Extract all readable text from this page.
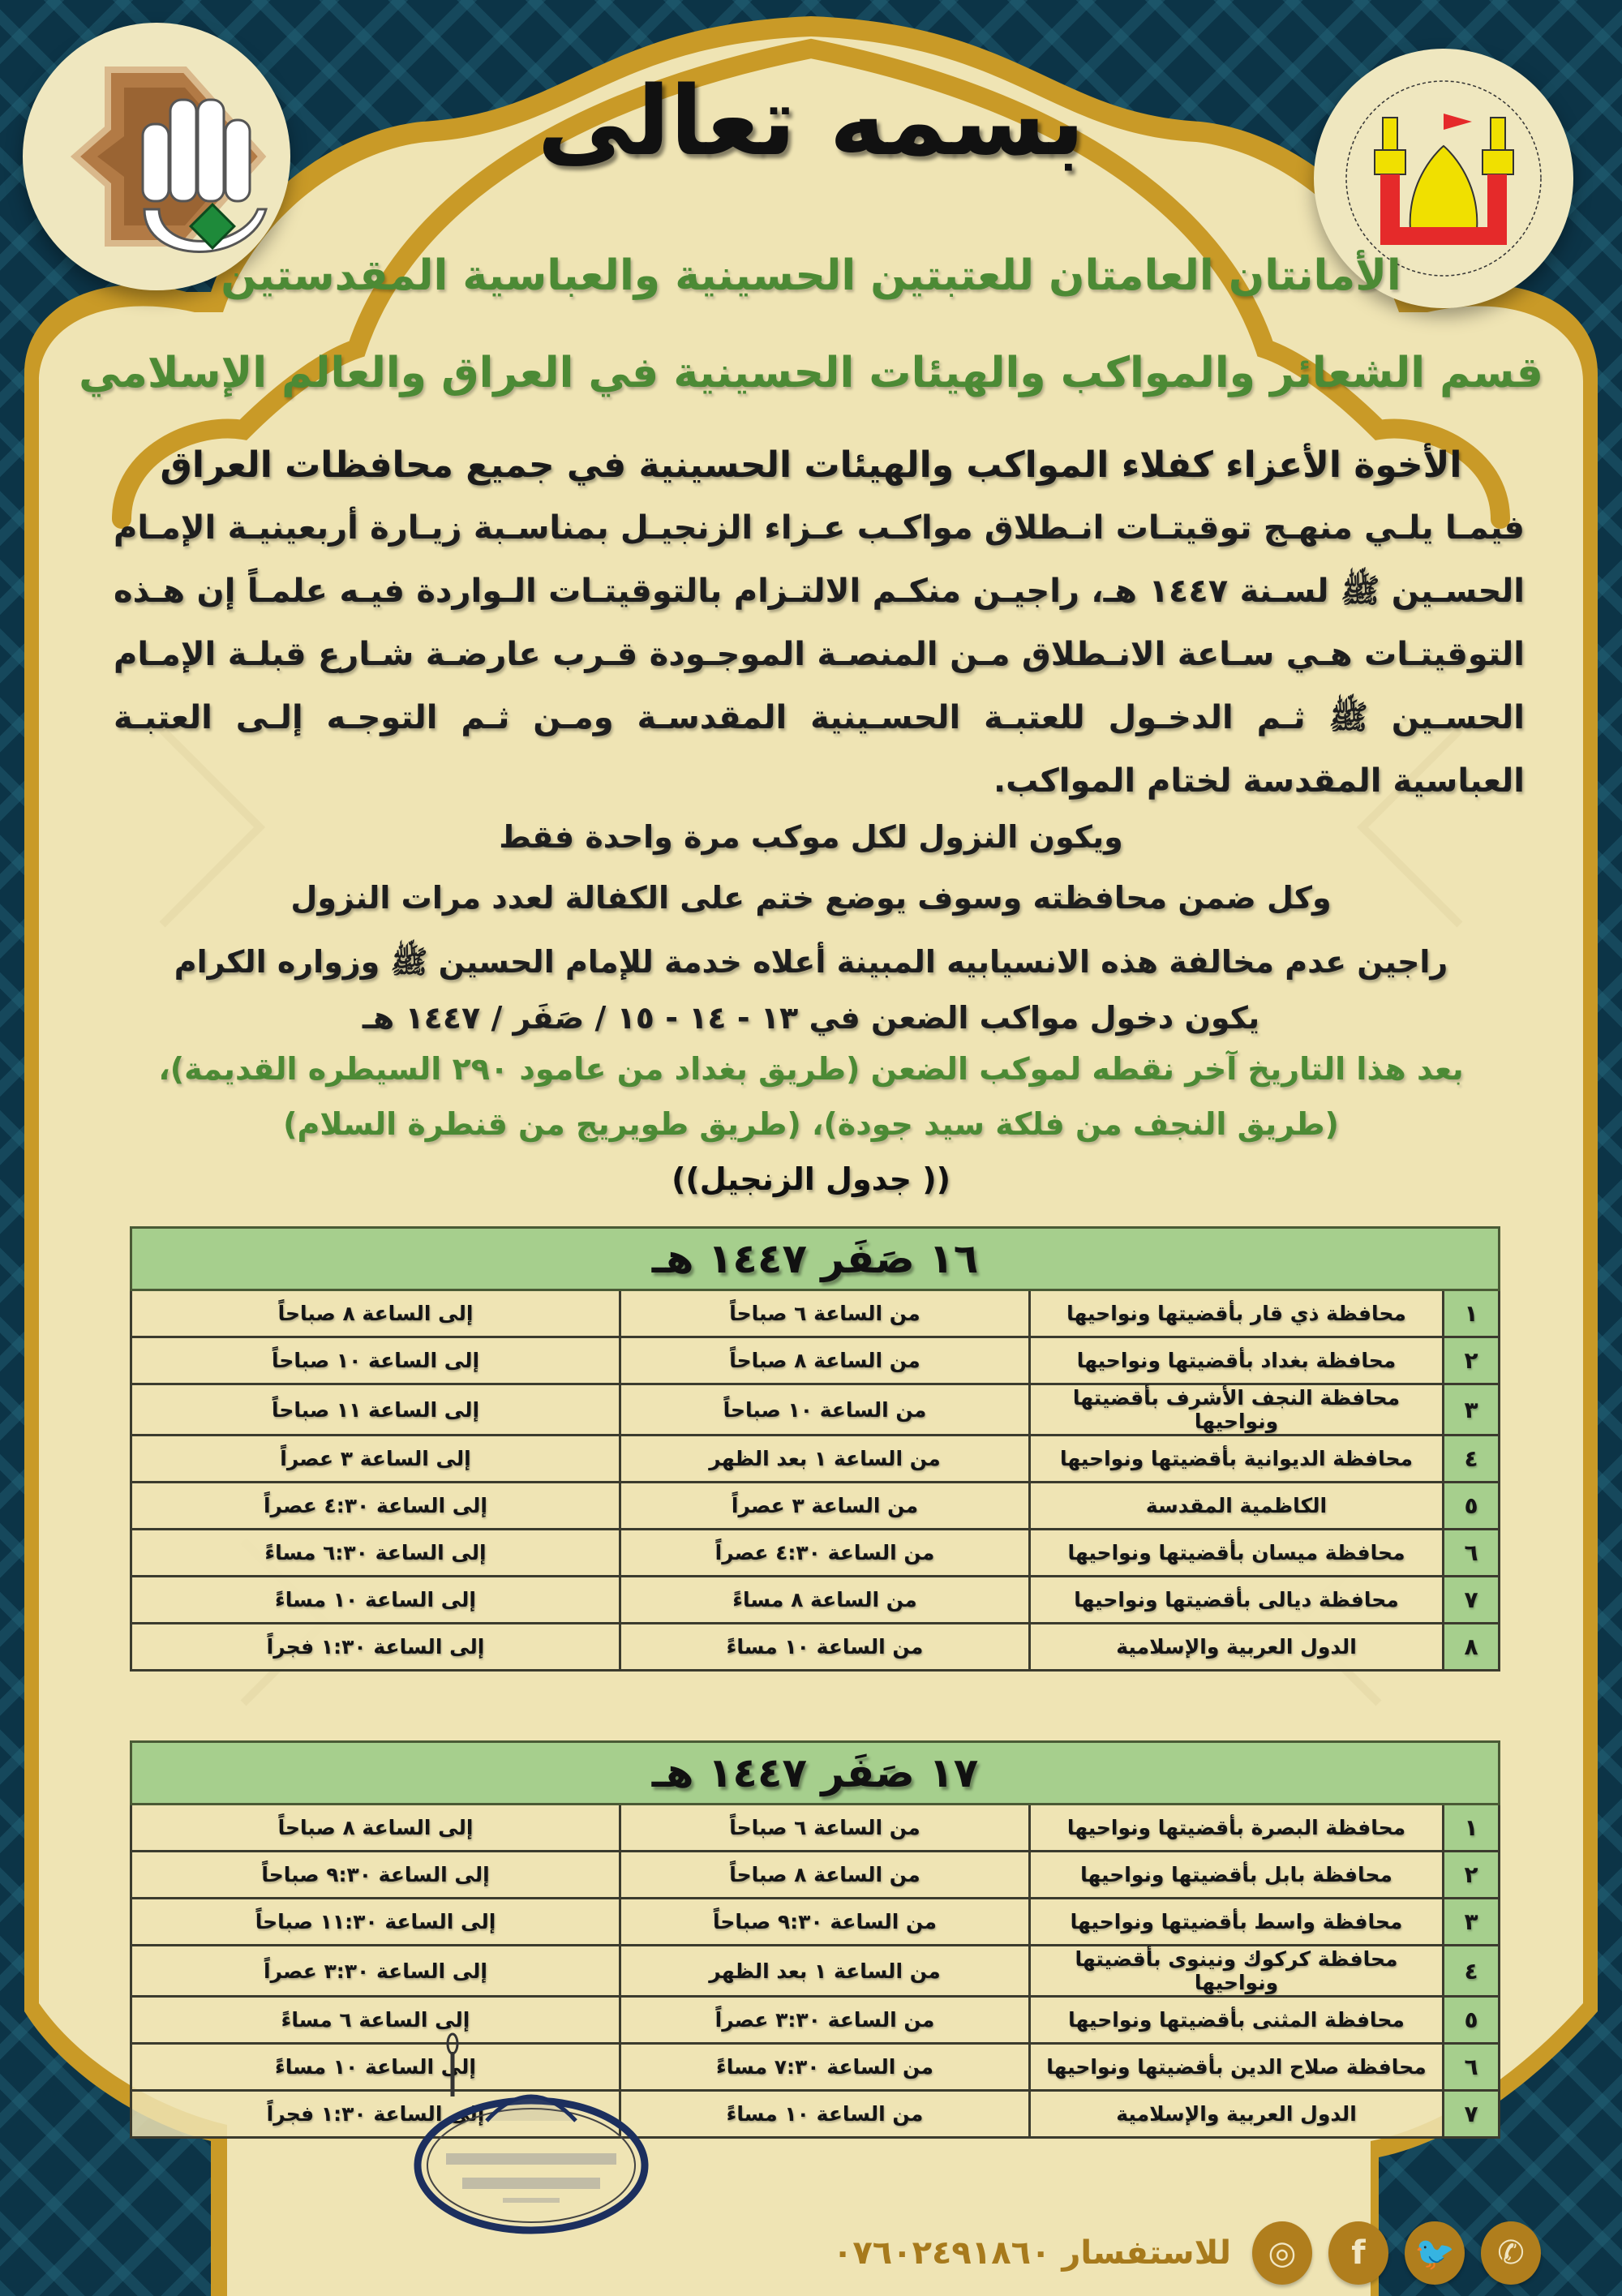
بسمه تعالى
الأمانتان العامتان للعتبتين الحسينية والعباسية المقدستين
قسم الشعائر والمواكب والهيئات الحسينية في العراق والعالم الإسلامي
الأخوة الأعزاء كفلاء المواكب والهيئات الحسينية في جميع محافظات العراق
فيمـا يلـي منهـج توقيتـات انـطلاق مواكـب عـزاء الزنجيـل بمناسـبة زيـارة أربعينيـة الإمـام الحسـين ﷺ لسـنة ١٤٤٧ هـ، راجيـن منكـم الالتـزام بالتوقيتـات الـواردة فيـه علمـاً إن هـذه التوقيتـات هـي سـاعة الانـطلاق مـن المنصـة الموجـودة قـرب عارضـة شـارع قبلـة الإمـام الحسـين ﷺ ثـم الدخـول للعتبـة الحسـينية المقدسـة ومـن ثـم التوجـه إلـى العتبـة العباسية المقدسة لختام المواكب.
ويكون النزول لكل موكب مرة واحدة فقط
وكل ضمن محافظته وسوف يوضع ختم على الكفالة لعدد مرات النزول
راجين عدم مخالفة هذه الانسيابيه المبينة أعلاه خدمة للإمام الحسين ﷺ وزواره الكرام
يكون دخول مواكب الضعن في ١٣ - ١٤ - ١٥ / صَفَر / ١٤٤٧ هـ
بعد هذا التاريخ آخر نقطه لموكب الضعن (طريق بغداد من عامود ٢٩٠ السيطره القديمة)،
(طريق النجف من فلكة سيد جودة)، (طريق طويريج من قنطرة السلام)
(( جدول الزنجيل))
١٦ صَفَر ١٤٤٧ هـ			
١	محافظة ذي قار بأقضيتها ونواحيها	من الساعة ٦ صباحاً	إلى الساعة ٨ صباحاً
٢	محافظة بغداد بأقضيتها ونواحيها	من الساعة ٨ صباحاً	إلى الساعة ١٠ صباحاً
٣	محافظة النجف الأشرف بأقضيتها ونواحيها	من الساعة ١٠ صباحاً	إلى الساعة ١١ صباحاً
٤	محافظة الديوانية بأقضيتها ونواحيها	من الساعة ١ بعد الظهر	إلى الساعة ٣ عصراً
٥	الكاظمية المقدسة	من الساعة ٣ عصراً	إلى الساعة ٤:٣٠ عصراً
٦	محافظة ميسان بأقضيتها ونواحيها	من الساعة ٤:٣٠ عصراً	إلى الساعة ٦:٣٠ مساءً
٧	محافظة ديالى بأقضيتها ونواحيها	من الساعة ٨ مساءً	إلى الساعة ١٠ مساءً
٨	الدول العربية والإسلامية	من الساعة ١٠ مساءً	إلى الساعة ١:٣٠ فجراً
١٧ صَفَر ١٤٤٧ هـ			
١	محافظة البصرة بأقضيتها ونواحيها	من الساعة ٦ صباحاً	إلى الساعة ٨ صباحاً
٢	محافظة بابل بأقضيتها ونواحيها	من الساعة ٨ صباحاً	إلى الساعة ٩:٣٠ صباحاً
٣	محافظة واسط بأقضيتها ونواحيها	من الساعة ٩:٣٠ صباحاً	إلى الساعة ١١:٣٠ صباحاً
٤	محافظة كركوك ونينوى بأقضيتها ونواحيها	من الساعة ١ بعد الظهر	إلى الساعة ٣:٣٠ عصراً
٥	محافظة المثنى بأقضيتها ونواحيها	من الساعة ٣:٣٠ عصراً	إلى الساعة ٦ مساءً
٦	محافظة صلاح الدين بأقضيتها ونواحيها	من الساعة ٧:٣٠ مساءً	إلى الساعة ١٠ مساءً
٧	الدول العربية والإسلامية	من الساعة ١٠ مساءً	إلى الساعة ١:٣٠ فجراً
✆
🐦
f
◎
للاستفسار ٠٧٦٠٢٤٩١٨٦٠
